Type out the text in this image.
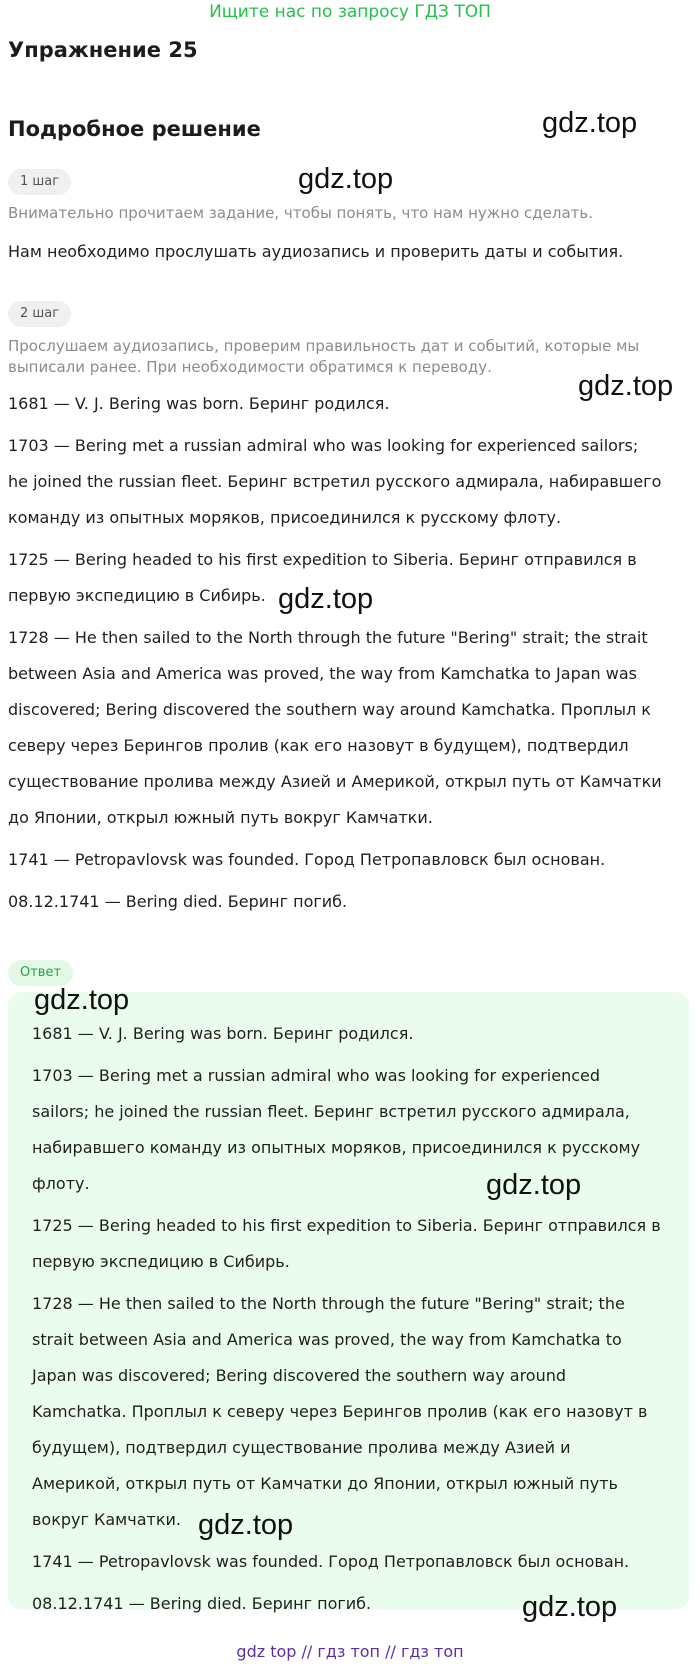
Ищите нас по запросу ГДЗ ТОП
Упражнение 25
Подробное решение
1 шаг

Внимательно прочитаем задание, чтобы понять, что нам нужно сделать.

Нам необходимо прослушать аудиозапись и проверить даты и события.

2 шаг

Прослушаем аудиозапись, проверим правильность дат и событий, которые мы выписали ранее. При необходимости обратимся к переводу.

1681 — V. J. Bering was born. Беринг родился.

1703 — Bering met a russian admiral who was looking for experienced sailors; he joined the russian fleet. Беринг встретил русского адмирала, набиравшего команду из опытных моряков, присоединился к русскому флоту.

1725 — Bering headed to his first expedition to Siberia. Беринг отправился в первую экспедицию в Сибирь.

1728 — He then sailed to the North through the future "Bering" strait; the strait between Asia and America was proved, the way from Kamchatka to Japan was discovered; Bering discovered the southern way around Kamchatka. Проплыл к северу через Берингов пролив (как его назовут в будущем), подтвердил существование пролива между Азией и Америкой, открыл путь от Камчатки до Японии, открыл южный путь вокруг Камчатки.

1741 — Petropavlovsk was founded. Город Петропавловск был основан.

08.12.1741 — Bering died. Беринг погиб.

Ответ

1681 — V. J. Bering was born. Беринг родился.

1703 — Bering met a russian admiral who was looking for experienced sailors; he joined the russian fleet. Беринг встретил русского адмирала, набиравшего команду из опытных моряков, присоединился к русскому флоту.

1725 — Bering headed to his first expedition to Siberia. Беринг отправился в первую экспедицию в Сибирь.

1728 — He then sailed to the North through the future "Bering" strait; the strait between Asia and America was proved, the way from Kamchatka to Japan was discovered; Bering discovered the southern way around Kamchatka. Проплыл к северу через Берингов пролив (как его назовут в будущем), подтвердил существование пролива между Азией и Америкой, открыл путь от Камчатки до Японии, открыл южный путь вокруг Камчатки.

1741 — Petropavlovsk was founded. Город Петропавловск был основан.

08.12.1741 — Bering died. Беринг погиб.

gdz.top
gdz.top
gdz.top
gdz.top
gdz.top
gdz.top
gdz.top
gdz.top
gdz top // гдз топ // гдз топ
